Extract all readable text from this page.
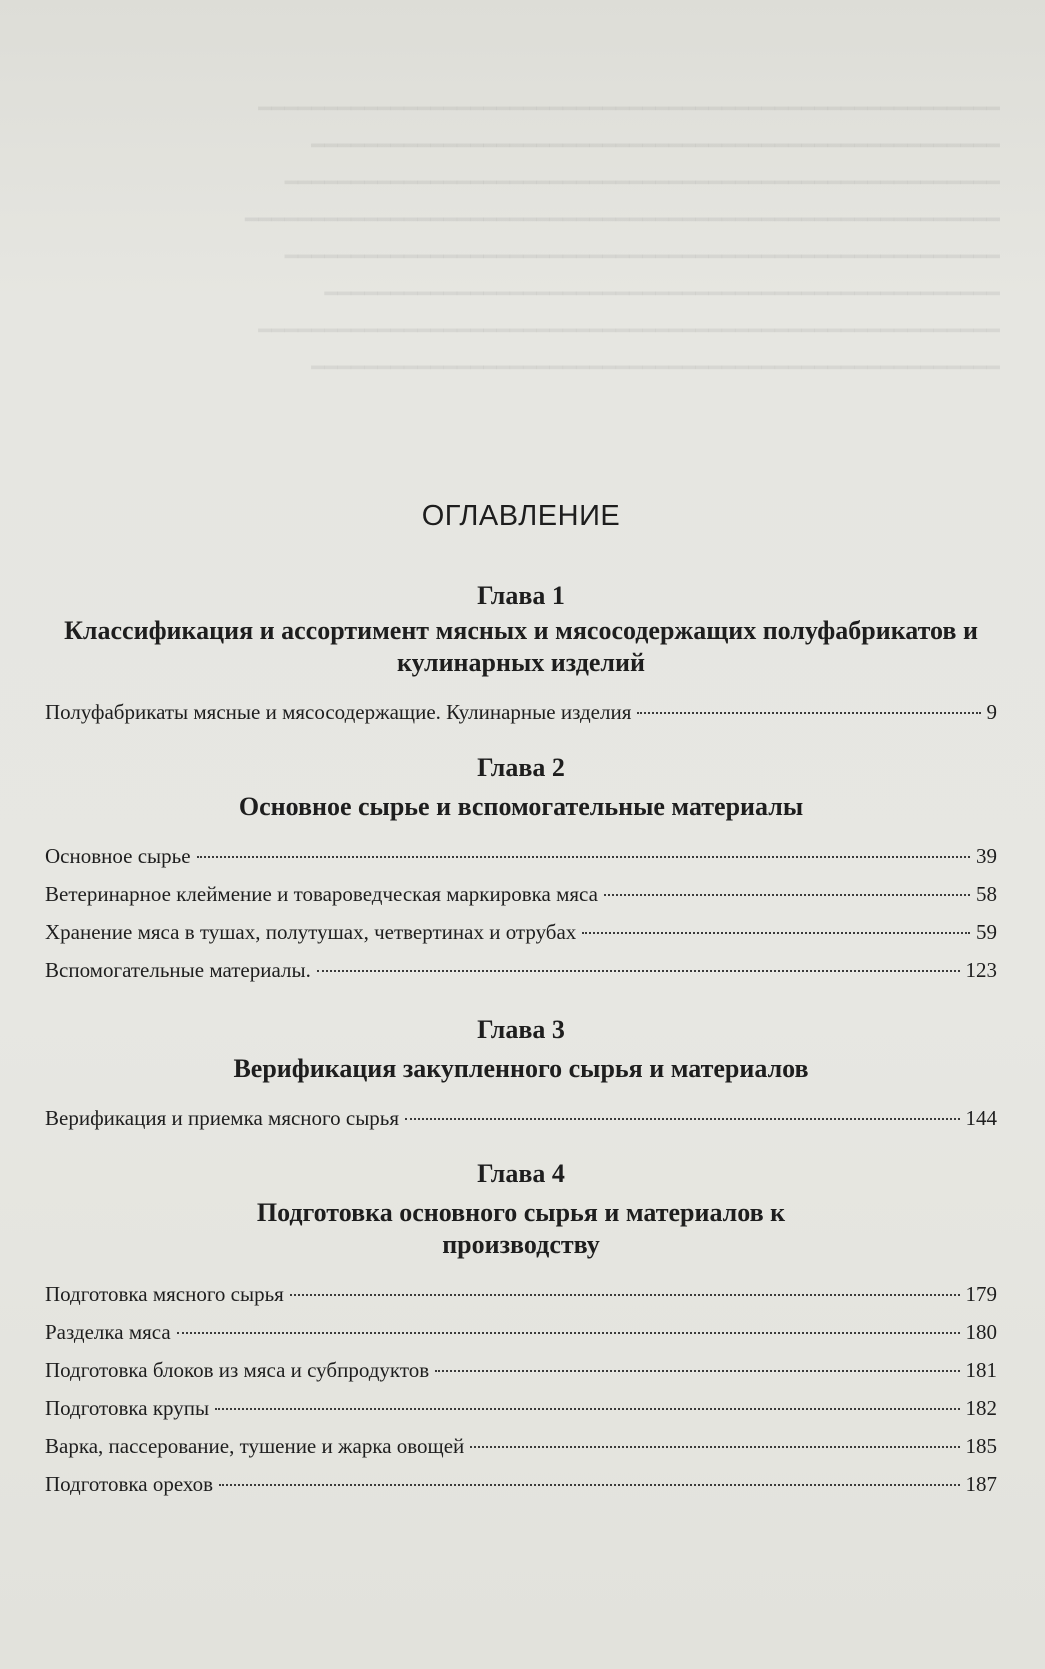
━━━━━━━━━━━━━━━━━━━━━━━━━━━━━━━━━━━━━━━━━━━━━━━━━━━━━━━━
━━━━━━━━━━━━━━━━━━━━━━━━━━━━━━━━━━━━━━━━━━━━━━━━━━━━
━━━━━━━━━━━━━━━━━━━━━━━━━━━━━━━━━━━━━━━━━━━━━━━━━━━━━━
━━━━━━━━━━━━━━━━━━━━━━━━━━━━━━━━━━━━━━━━━━━━━━━━━━━━━━━━━
━━━━━━━━━━━━━━━━━━━━━━━━━━━━━━━━━━━━━━━━━━━━━━━━━━━━━━
━━━━━━━━━━━━━━━━━━━━━━━━━━━━━━━━━━━━━━━━━━━━━━━━━━━
━━━━━━━━━━━━━━━━━━━━━━━━━━━━━━━━━━━━━━━━━━━━━━━━━━━━━━━━
━━━━━━━━━━━━━━━━━━━━━━━━━━━━━━━━━━━━━━━━━━━━━━━━━━━━
ОГЛАВЛЕНИЕ
Глава 1
Классификация и ассортимент мясных и мясосодержащих полуфабрикатов и кулинарных изделий
Полуфабрикаты мясные и мясосодержащие. Кулинарные изделия	9
Глава 2
Основное сырье и вспомогательные материалы
Основное сырье	39
Ветеринарное клеймение и товароведческая маркировка мяса	58
Хранение мяса в тушах, полутушах, четвертинах и отрубах	59
Вспомогательные материалы.	123
Глава 3
Верификация закупленного сырья и материалов
Верификация и приемка мясного сырья	144
Глава 4
Подготовка основного сырья и материалов к производству
Подготовка мясного сырья	179
Разделка мяса	180
Подготовка блоков из мяса и субпродуктов	181
Подготовка крупы	182
Варка, пассерование, тушение и жарка овощей	185
Подготовка орехов	187
